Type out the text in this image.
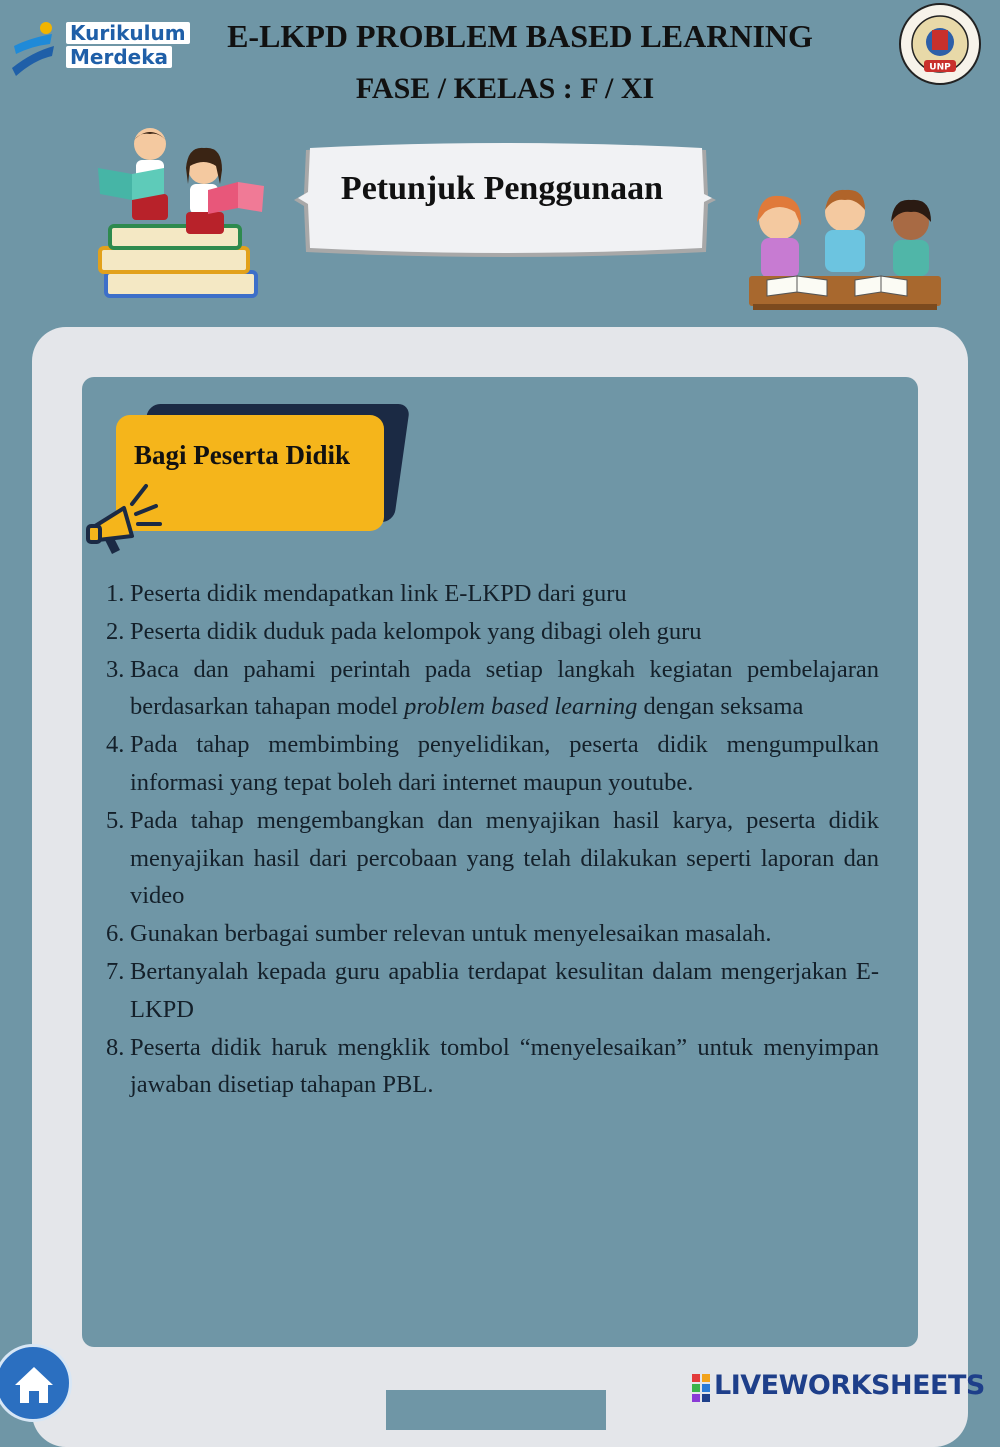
Kurikulum
Merdeka
E-LKPD PROBLEM BASED LEARNING
FASE / KELAS : F / XI
UNP
Petunjuk Penggunaan
Bagi Peserta Didik
1. Peserta didik mendapatkan link E-LKPD dari guru
2. Peserta didik duduk pada kelompok yang dibagi oleh guru
3. Baca dan pahami perintah pada setiap langkah kegiatan pembelajaran berdasarkan tahapan model problem based learning dengan seksama
4. Pada tahap membimbing penyelidikan, peserta didik mengumpulkan informasi yang tepat boleh dari internet maupun youtube.
5. Pada tahap mengembangkan dan menyajikan hasil karya, peserta didik menyajikan hasil dari percobaan yang telah dilakukan seperti laporan dan video
6. Gunakan berbagai sumber relevan untuk menyelesaikan masalah.
7. Bertanyalah kepada guru apablia terdapat kesulitan dalam mengerjakan E-LKPD
8. Peserta didik haruk mengklik tombol “menyelesaikan” untuk menyimpan jawaban disetiap tahapan PBL.
LIVEWORKSHEETS
